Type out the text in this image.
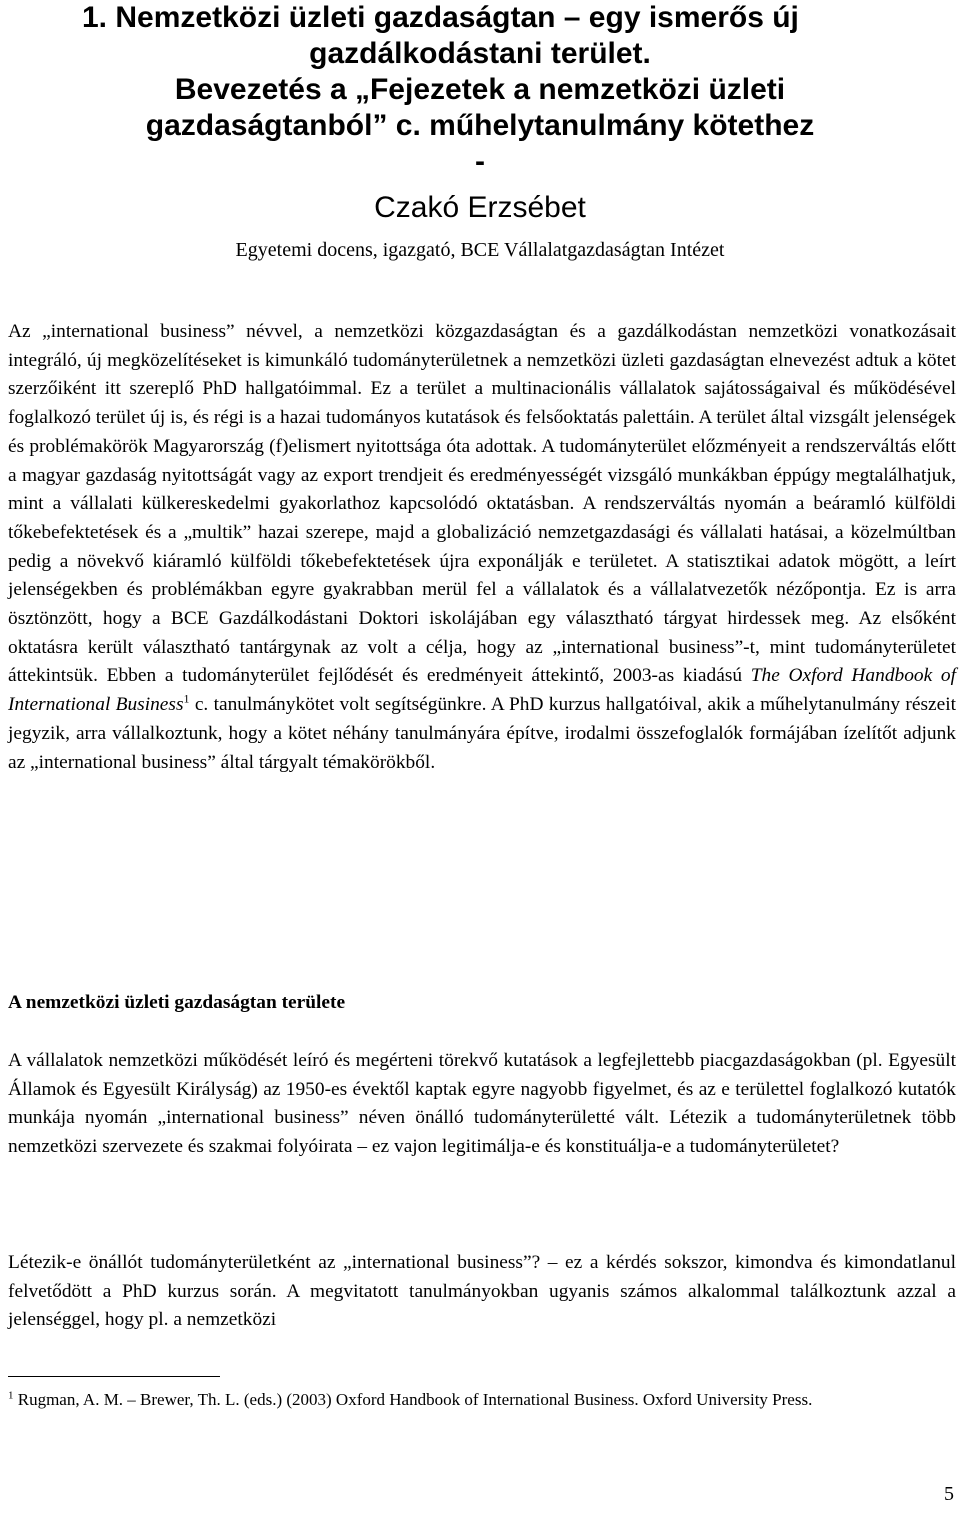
1. Nemzetközi üzleti gazdaságtan – egy ismerős új
gazdálkodástani terület.
Bevezetés a „Fejezetek a nemzetközi üzleti
gazdaságtanból” c. műhelytanulmány kötethez
-

Czakó Erzsébet

Egyetemi docens, igazgató, BCE Vállalatgazdaságtan Intézet

Az „international business” névvel, a nemzetközi közgazdaságtan és a gazdálkodástan nemzetközi vonatkozásait integráló, új megközelítéseket is kimunkáló tudományterületnek a nemzetközi üzleti gazdaságtan elnevezést adtuk a kötet szerzőiként itt szereplő PhD hallgatóimmal. Ez a terület a multinacionális vállalatok sajátosságaival és működésével foglalkozó terület új is, és régi is a hazai tudományos kutatások és felsőoktatás palettáin. A terület által vizsgált jelenségek és problémakörök Magyarország (f)elismert nyitottsága óta adottak. A tudományterület előzményeit a rendszerváltás előtt a magyar gazdaság nyitottságát vagy az export trendjeit és eredményességét vizsgáló munkákban éppúgy megtalálhatjuk, mint a vállalati külkereskedelmi gyakorlathoz kapcsolódó oktatásban. A rendszerváltás nyomán a beáramló külföldi tőkebefektetések és a „multik” hazai szerepe, majd a globalizáció nemzetgazdasági és vállalati hatásai, a közelmúltban pedig a növekvő kiáramló külföldi tőkebefektetések újra exponálják e területet. A statisztikai adatok mögött, a leírt jelenségekben és problémákban egyre gyakrabban merül fel a vállalatok és a vállalatvezetők nézőpontja. Ez is arra ösztönzött, hogy a BCE Gazdálkodástani Doktori iskolájában egy választható tárgyat hirdessek meg. Az elsőként oktatásra került választható tantárgynak az volt a célja, hogy az „international business”-t, mint tudományterületet áttekintsük. Ebben a tudományterület fejlődését és eredményeit áttekintő, 2003-as kiadású The Oxford Handbook of International Business$^1$ c. tanulmánykötet volt segítségünkre. A PhD kurzus hallgatóival, akik a műhelytanulmány részeit jegyzik, arra vállalkoztunk, hogy a kötet néhány tanulmányára építve, irodalmi összefoglalók formájában ízelítőt adjunk az „international business” által tárgyalt témakörökből.

A nemzetközi üzleti gazdaságtan területe

A vállalatok nemzetközi működését leíró és megérteni törekvő kutatások a legfejlettebb piacgazdaságokban (pl. Egyesült Államok és Egyesült Királyság) az 1950-es évektől kaptak egyre nagyobb figyelmet, és az e területtel foglalkozó kutatók munkája nyomán „international business” néven önálló tudományterületté vált. Létezik a tudományterületnek több nemzetközi szervezete és szakmai folyóirata – ez vajon legitimálja-e és konstituálja-e a tudományterületet?

Létezik-e önállót tudományterületként az „international business”? – ez a kérdés sokszor, kimondva és kimondatlanul felvetődött a PhD kurzus során. A megvitatott tanulmányokban ugyanis számos alkalommal találkoztunk azzal a jelenséggel, hogy pl. a nemzetközi

$^1$ Rugman, A. M. – Brewer, Th. L. (eds.) (2003) Oxford Handbook of International Business. Oxford University Press.

5
